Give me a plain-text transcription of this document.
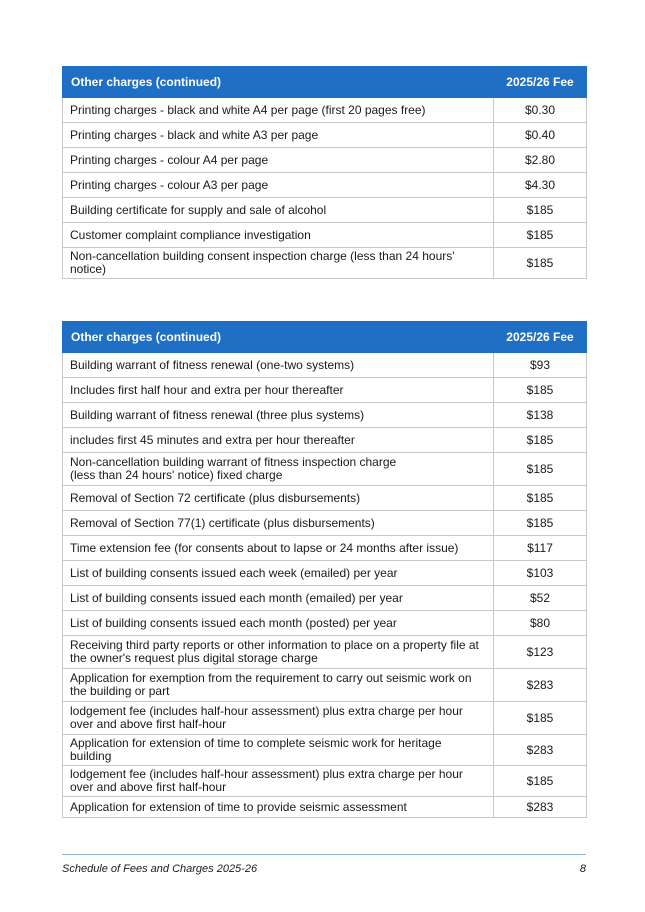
Other charges (continued)	2025/26 Fee
Printing charges - black and white A4 per page (first 20 pages free)	$0.30
Printing charges - black and white A3 per page	$0.40
Printing charges - colour A4 per page	$2.80
Printing charges - colour A3 per page	$4.30
Building certificate for supply and sale of alcohol	$185
Customer complaint compliance investigation	$185
Non-cancellation building consent inspection charge (less than 24 hours' notice)	$185
Other charges (continued)	2025/26 Fee
Building warrant of fitness renewal (one-two systems)	$93
Includes first half hour and extra per hour thereafter	$185
Building warrant of fitness renewal (three plus systems)	$138
includes first 45 minutes and extra per hour thereafter	$185
Non-cancellation building warrant of fitness inspection charge
(less than 24 hours' notice) fixed charge	$185
Removal of Section 72 certificate (plus disbursements)	$185
Removal of Section 77(1) certificate (plus disbursements)	$185
Time extension fee (for consents about to lapse or 24 months after issue)	$117
List of building consents issued each week (emailed) per year	$103
List of building consents issued each month (emailed) per year	$52
List of building consents issued each month (posted) per year	$80
Receiving third party reports or other information to place on a property file at the owner's request plus digital storage charge	$123
Application for exemption from the requirement to carry out seismic work on the building or part	$283
lodgement fee (includes half-hour assessment) plus extra charge per hour over and above first half-hour	$185
Application for extension of time to complete seismic work for heritage building	$283
lodgement fee (includes half-hour assessment) plus extra charge per hour over and above first half-hour	$185
Application for extension of time to provide seismic assessment	$283
Schedule of Fees and Charges 2025-26	8
